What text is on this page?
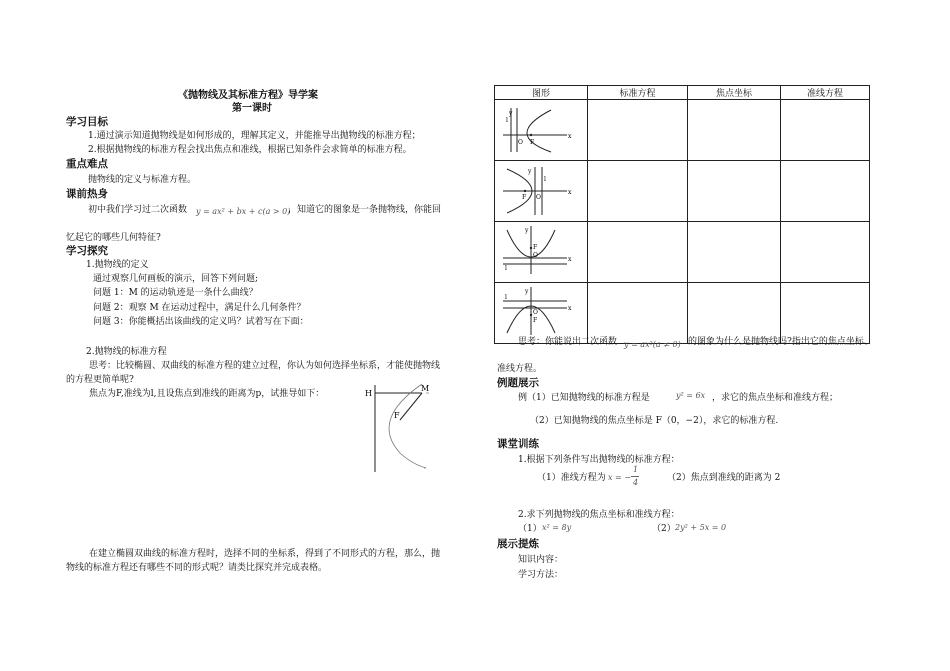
《抛物线及其标准方程》导学案
第一课时
学习目标
1.通过演示知道抛物线是如何形成的，理解其定义，并能推导出抛物线的标准方程；
2.根据抛物线的标准方程会找出焦点和准线，根据已知条件会求简单的标准方程。
重点难点
抛物线的定义与标准方程。
课前热身
初中我们学习过二次函数 y = ax² + bx + c(a > 0)
，知道它的图象是一条抛物线，你能回
忆起它的哪些几何特征?
学习探究
1.抛物线的定义
通过观察几何画板的演示，回答下列问题;
问题 1：M 的运动轨迹是一条什么曲线？
问题 2：观察 M 在运动过程中，满足什么几何条件？
问题 3：你能概括出该曲线的定义吗？试着写在下面：
2.抛物线的标准方程
思考：比较椭圆、双曲线的标准方程的建立过程，你认为如何选择坐标系，才能使抛物线
的方程更简单呢?
焦点为F,准线为l,且设焦点到准线的距离为p，试推导如下：	H
M
F
在建立椭圆双曲线的标准方程时，选择不同的坐标系，得到了不同形式的方程，那么，抛
物线的标准方程还有哪些不同的形式呢？请类比探究并完成表格。
图形	标准方程	焦点坐标	准线方程

y
x
O F
l			

y
x
O
F
l			

y
x
O
F
l			

y
x
O
F
l			

思考：你能说出二次函数 y = ax²(a ≠ 0) 的图象为什么是抛物线吗?指出它的焦点坐标、
准线方程。
例题展示
例（1）已知抛物线的标准方程是	y² = 6x ，求它的焦点坐标和准线方程；
（2）已知抛物线的焦点坐标是 F（0，−2），求它的标准方程.
课堂训练
1.根据下列条件写出抛物线的标准方程：
（1）准线方程为 x = −
1
4	（2）焦点到准线的距离为 2
2.求下列抛物线的焦点坐标和准线方程：
（1） x² = 8y	（2） 2y² + 5x = 0
展示提炼
知识内容：
学习方法：
